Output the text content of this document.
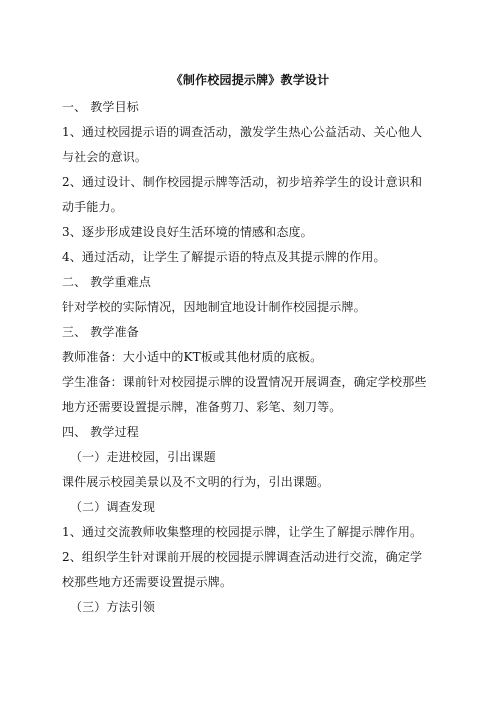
《制作校园提示牌》教学设计
一、 教学目标
1、通过校园提示语的调查活动，激发学生热心公益活动、关心他人
与社会的意识。
2、通过设计、制作校园提示牌等活动，初步培养学生的设计意识和
动手能力。
3、逐步形成建设良好生活环境的情感和态度。
4、通过活动，让学生了解提示语的特点及其提示牌的作用。
二、 教学重难点
针对学校的实际情况，因地制宜地设计制作校园提示牌。
三、 教学准备
教师准备：大小适中的KT板或其他材质的底板。
学生准备：课前针对校园提示牌的设置情况开展调查，确定学校那些
地方还需要设置提示牌，准备剪刀、彩笔、刻刀等。
四、 教学过程
（一）走进校园，引出课题
课件展示校园美景以及不文明的行为，引出课题。
（二）调查发现
1、通过交流教师收集整理的校园提示牌，让学生了解提示牌作用。
2、组织学生针对课前开展的校园提示牌调查活动进行交流，确定学
校那些地方还需要设置提示牌。
（三）方法引领
